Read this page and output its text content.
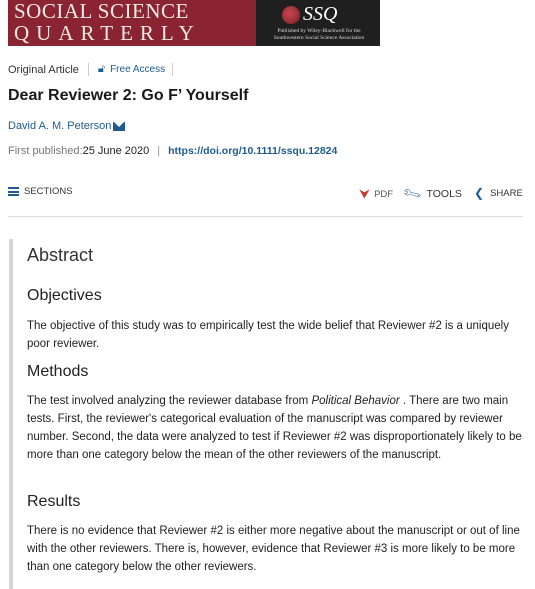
SOCIAL SCIENCE
QUARTERLY
SSQ
Published by Wiley-Blackwell for the Southwestern Social Science Association
Original Article 🔓︎ Free Access
Dear Reviewer 2: Go F’ Yourself
David A. M. Peterson
First published: 25 June 2020 | https://doi.org/10.1111/ssqu.12824
SECTIONS	⮟ PDF 🔧︎ TOOLS ❮ SHARE
Abstract
Objectives
The objective of this study was to empirically test the wide belief that Reviewer #2 is a uniquely poor reviewer.
Methods
The test involved analyzing the reviewer database from Political Behavior . There are two main tests. First, the reviewer's categorical evaluation of the manuscript was compared by reviewer number. Second, the data were analyzed to test if Reviewer #2 was disproportionately likely to be more than one category below the mean of the other reviewers of the manuscript.
Results
There is no evidence that Reviewer #2 is either more negative about the manuscript or out of line with the other reviewers. There is, however, evidence that Reviewer #3 is more likely to be more than one category below the other reviewers.
